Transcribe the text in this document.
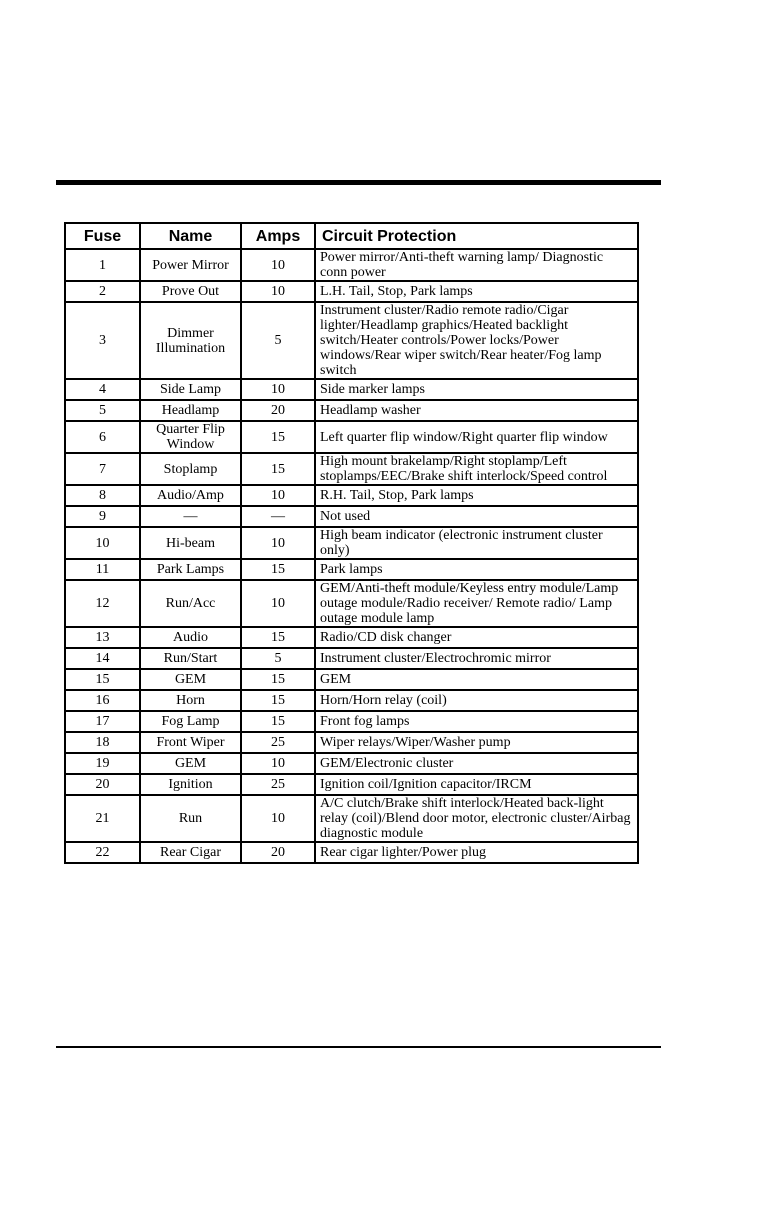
Fuse	Name	Amps	Circuit Protection
1	Power Mirror	10	Power mirror/Anti-theft warning lamp/ Diagnostic conn power
2	Prove Out	10	L.H. Tail, Stop, Park lamps
3	Dimmer Illumination	5	Instrument cluster/Radio remote radio/Cigar lighter/Headlamp graphics/Heated backlight switch/Heater controls/Power locks/Power windows/Rear wiper switch/Rear heater/Fog lamp switch
4	Side Lamp	10	Side marker lamps
5	Headlamp	20	Headlamp washer
6	Quarter Flip Window	15	Left quarter flip window/Right quarter flip window
7	Stoplamp	15	High mount brakelamp/Right stoplamp/Left stoplamps/EEC/Brake shift interlock/Speed control
8	Audio/Amp	10	R.H. Tail, Stop, Park lamps
9	—	—	Not used
10	Hi-beam	10	High beam indicator (electronic instrument cluster only)
11	Park Lamps	15	Park lamps
12	Run/Acc	10	GEM/Anti-theft module/Keyless entry module/Lamp outage module/Radio receiver/ Remote radio/ Lamp outage module lamp
13	Audio	15	Radio/CD disk changer
14	Run/Start	5	Instrument cluster/Electrochromic mirror
15	GEM	15	GEM
16	Horn	15	Horn/Horn relay (coil)
17	Fog Lamp	15	Front fog lamps
18	Front Wiper	25	Wiper relays/Wiper/Washer pump
19	GEM	10	GEM/Electronic cluster
20	Ignition	25	Ignition coil/Ignition capacitor/IRCM
21	Run	10	A/C clutch/Brake shift interlock/Heated back-light relay (coil)/Blend door motor, electronic cluster/Airbag diagnostic module
22	Rear Cigar	20	Rear cigar lighter/Power plug
